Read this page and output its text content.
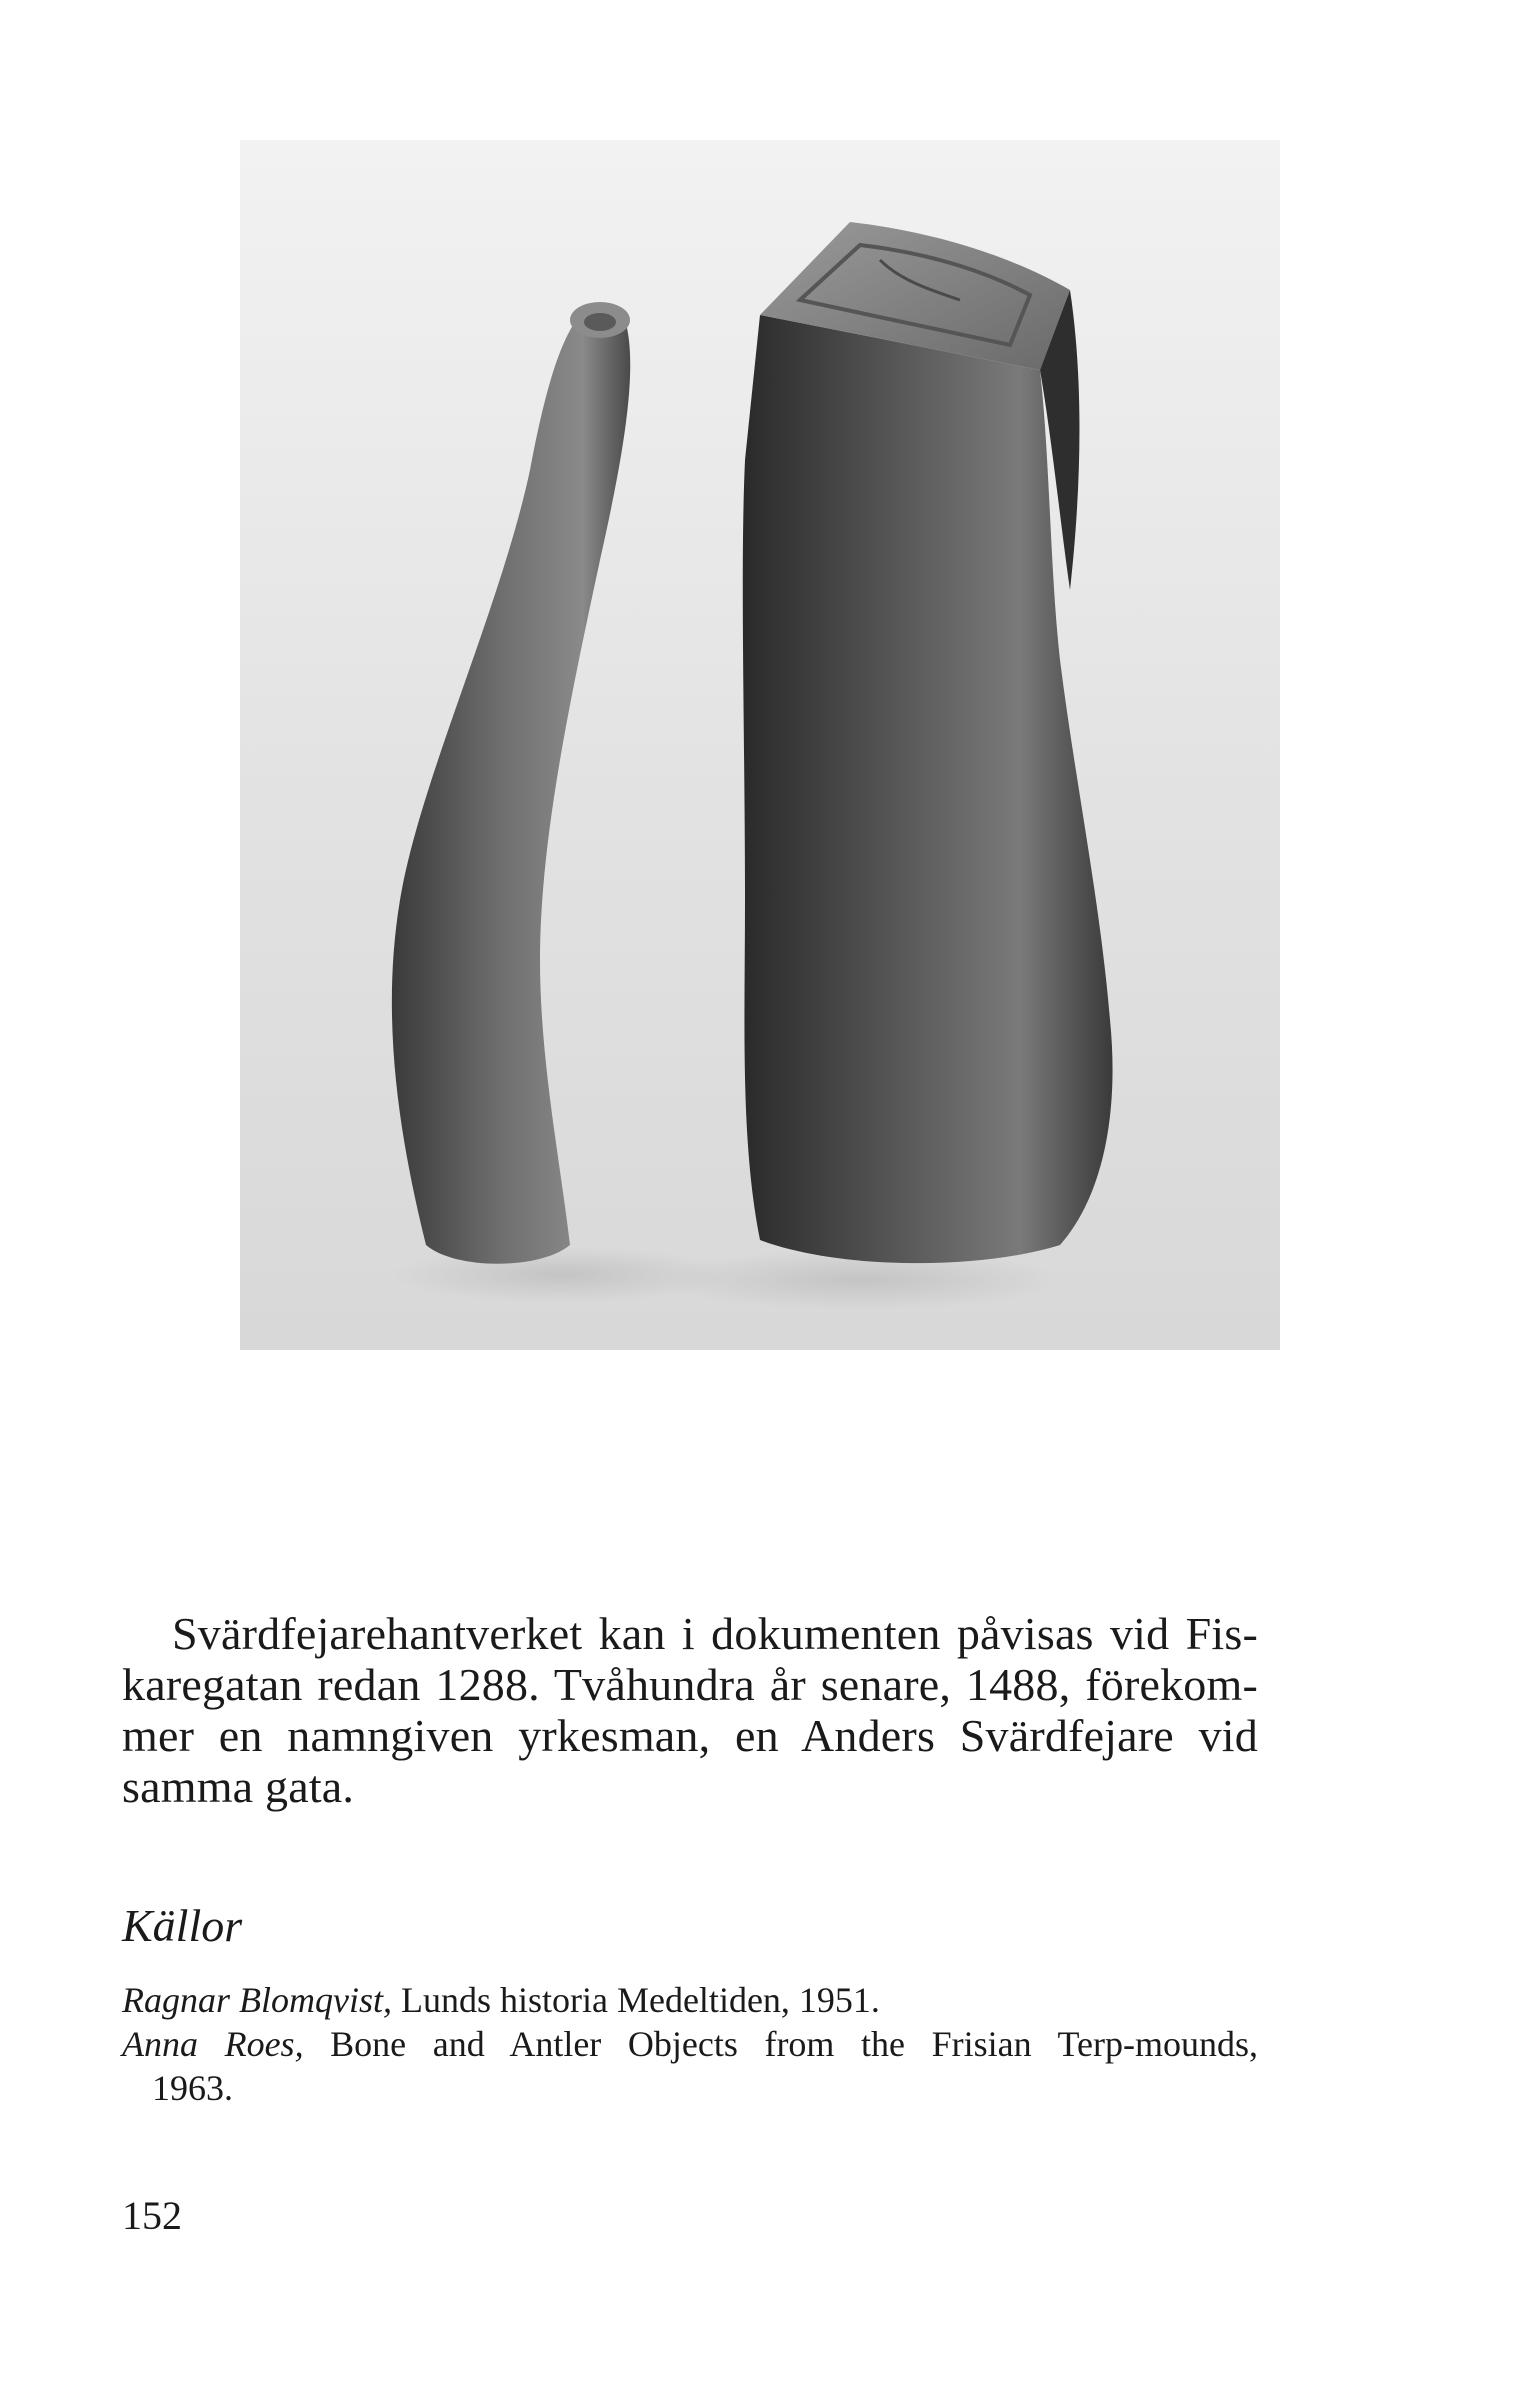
Svärdfejarehantverket kan i dokumenten påvisas vid Fis-
karegatan redan 1288. Tvåhundra år senare, 1488, förekom-
mer en namngiven yrkesman, en Anders Svärdfejare vid
samma gata.
Källor
Ragnar Blomqvist, Lunds historia Medeltiden, 1951.
Anna Roes, Bone and Antler Objects from the Frisian Terp-mounds,
1963.
152
